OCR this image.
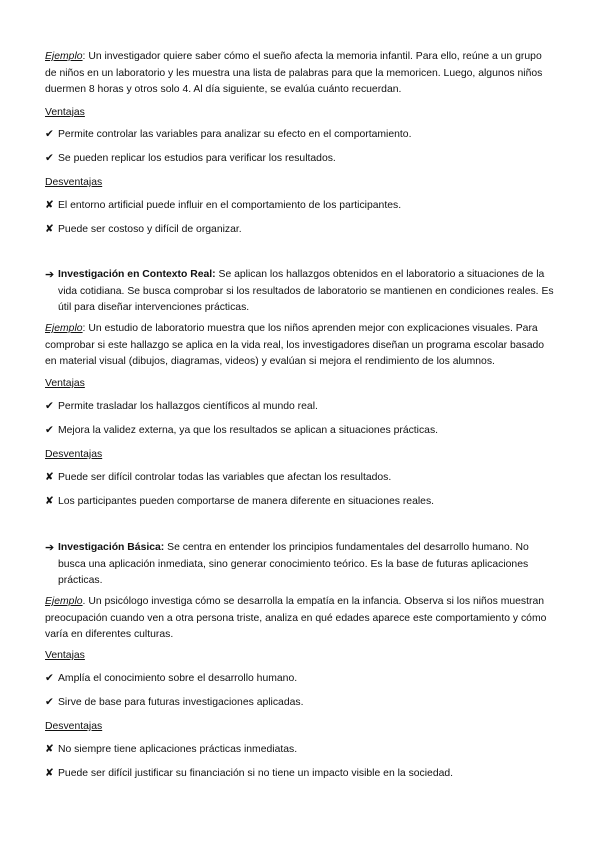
Ejemplo: Un investigador quiere saber cómo el sueño afecta la memoria infantil. Para ello, reúne a un grupo de niños en un laboratorio y les muestra una lista de palabras para que la memoricen. Luego, algunos niños duermen 8 horas y otros solo 4. Al día siguiente, se evalúa cuánto recuerdan.

Ventajas

✔ Permite controlar las variables para analizar su efecto en el comportamiento.

✔ Se pueden replicar los estudios para verificar los resultados.

Desventajas

✘ El entorno artificial puede influir en el comportamiento de los participantes.

✘ Puede ser costoso y difícil de organizar.

➔ Investigación en Contexto Real: Se aplican los hallazgos obtenidos en el laboratorio a situaciones de la vida cotidiana. Se busca comprobar si los resultados de laboratorio se mantienen en condiciones reales. Es útil para diseñar intervenciones prácticas.

Ejemplo: Un estudio de laboratorio muestra que los niños aprenden mejor con explicaciones visuales. Para comprobar si este hallazgo se aplica en la vida real, los investigadores diseñan un programa escolar basado en material visual (dibujos, diagramas, videos) y evalúan si mejora el rendimiento de los alumnos.

Ventajas

✔ Permite trasladar los hallazgos científicos al mundo real.

✔ Mejora la validez externa, ya que los resultados se aplican a situaciones prácticas.

Desventajas

✘ Puede ser difícil controlar todas las variables que afectan los resultados.

✘ Los participantes pueden comportarse de manera diferente en situaciones reales.

➔ Investigación Básica: Se centra en entender los principios fundamentales del desarrollo humano. No busca una aplicación inmediata, sino generar conocimiento teórico. Es la base de futuras aplicaciones prácticas.

Ejemplo. Un psicólogo investiga cómo se desarrolla la empatía en la infancia. Observa si los niños muestran preocupación cuando ven a otra persona triste, analiza en qué edades aparece este comportamiento y cómo varía en diferentes culturas.

Ventajas

✔ Amplía el conocimiento sobre el desarrollo humano.

✔ Sirve de base para futuras investigaciones aplicadas.

Desventajas

✘ No siempre tiene aplicaciones prácticas inmediatas.

✘ Puede ser difícil justificar su financiación si no tiene un impacto visible en la sociedad.
